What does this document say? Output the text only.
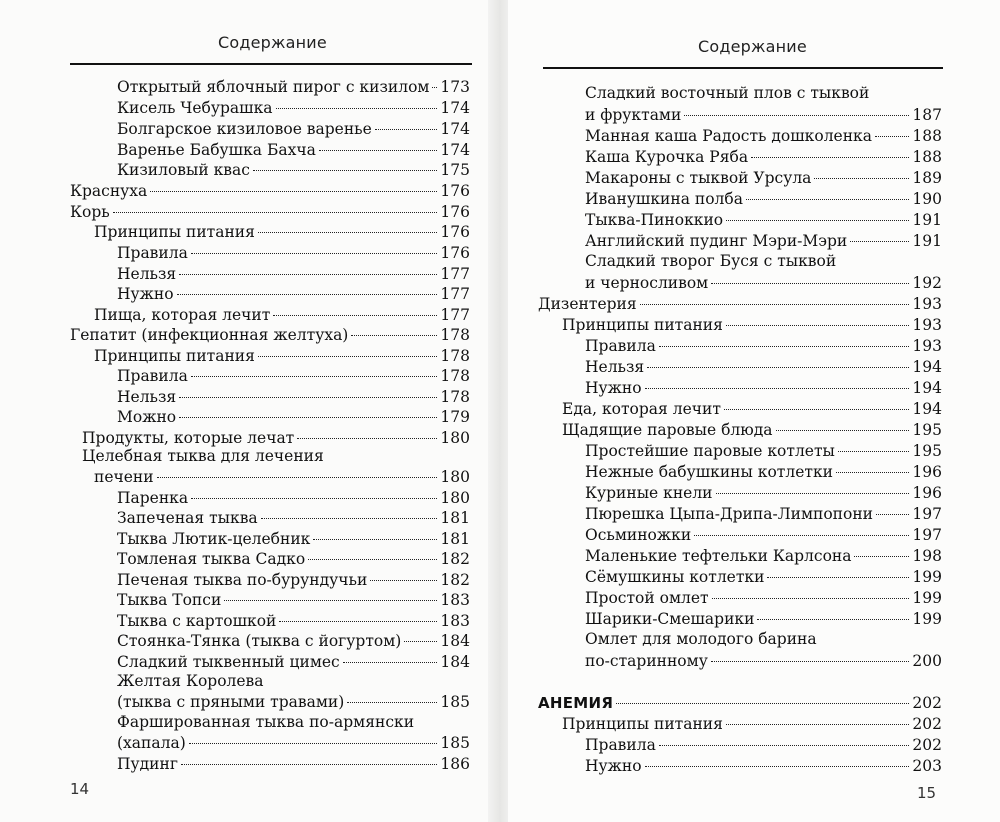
Содержание
Открытый яблочный пирог с кизилом 173
Кисель Чебурашка	174
Болгарское кизиловое варенье	174
Варенье Бабушка Бахча	174
Кизиловый квас	175
Краснуха	176
Корь	176
Принципы питания	176
Правила	176
Нельзя	177
Нужно	177
Пища, которая лечит	177
Гепатит (инфекционная желтуха)	178
Принципы питания	178
Правила	178
Нельзя	178
Можно	179
Продукты, которые лечат	180
Целебная тыква для лечения
печени	180
Паренка	180
Запеченая тыква	181
Тыква Лютик-целебник	181
Томленая тыква Садко	182
Печеная тыква по-бурундучьи	182
Тыква Топси	183
Тыква с картошкой	183
Стоянка-Тянка (тыква с йогуртом)	184
Сладкий тыквенный цимес	184
Желтая Королева
(тыква с пряными травами)	185
Фаршированная тыква по-армянски
(хапала)	185
Пудинг	186
14
Содержание
Сладкий восточный плов с тыквой
и фруктами	187
Манная каша Радость дошколенка	188
Каша Курочка Ряба	188
Макароны с тыквой Урсула	189
Иванушкина полба	190
Тыква-Пиноккио	191
Английский пудинг Мэри-Мэри	191
Сладкий творог Буся с тыквой
и черносливом	192
Дизентерия	193
Принципы питания	193
Правила	193
Нельзя	194
Нужно	194
Еда, которая лечит	194
Щадящие паровые блюда	195
Простейшие паровые котлеты	195
Нежные бабушкины котлетки	196
Куриные кнели	196
Пюрешка Цыпа-Дрипа-Лимпопони	197
Осьминожки	197
Маленькие тефтельки Карлсона	198
Сёмушкины котлетки	199
Простой омлет	199
Шарики-Смешарики	199
Омлет для молодого барина
по-старинному	200
АНЕМИЯ	202
Принципы питания	202
Правила	202
Нужно	203
15
